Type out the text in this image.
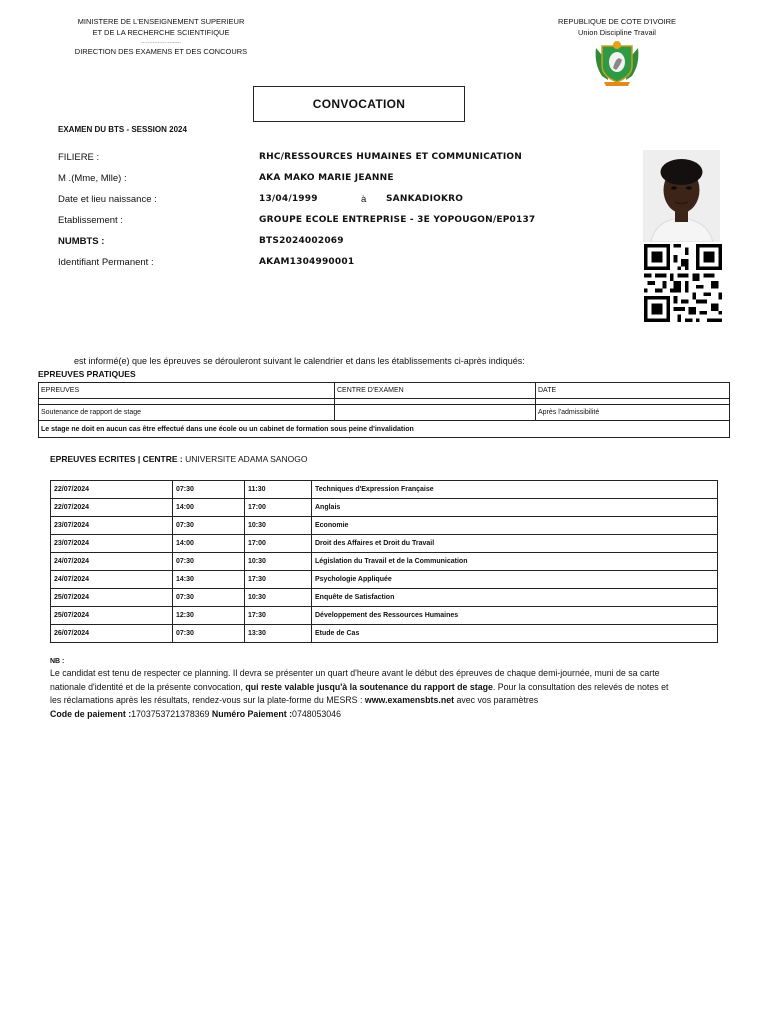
MINISTERE DE L'ENSEIGNEMENT SUPERIEUR
ET DE LA RECHERCHE SCIENTIFIQUE
……………………
DIRECTION DES EXAMENS ET DES CONCOURS
REPUBLIQUE DE COTE D'IVOIRE
Union Discipline Travail
CONVOCATION
EXAMEN DU BTS - SESSION 2024
FILIERE :	RHC/RESSOURCES HUMAINES ET COMMUNICATION
M .(Mme, Mlle) :	AKA MAKO MARIE JEANNE
Date et lieu naissance :	13/04/1999	à SANKADIOKRO
Etablissement :	GROUPE ECOLE ENTREPRISE - 3E YOPOUGON/EP0137
NUMBTS :	BTS2024002069
Identifiant Permanent :	AKAM1304990001
est informé(e) que les épreuves se dérouleront suivant le calendrier et dans les établissements ci-après indiqués:
EPREUVES PRATIQUES
EPREUVES	CENTRE D'EXAMEN	DATE

Soutenance de rapport de stage		Après l'admissibilité
Le stage ne doit en aucun cas être effectué dans une école ou un cabinet de formation sous peine d'invalidation		
EPREUVES ECRITES | CENTRE : UNIVERSITE ADAMA SANOGO
22/07/2024	07:30	11:30	Techniques d'Expression Française
22/07/2024	14:00	17:00	Anglais
23/07/2024	07:30	10:30	Economie
23/07/2024	14:00	17:00	Droit des Affaires et Droit du Travail
24/07/2024	07:30	10:30	Législation du Travail et de la Communication
24/07/2024	14:30	17:30	Psychologie Appliquée
25/07/2024	07:30	10:30	Enquête de Satisfaction
25/07/2024	12:30	17:30	Développement des Ressources Humaines
26/07/2024	07:30	13:30	Etude de Cas
NB :
Le candidat est tenu de respecter ce planning. Il devra se présenter un quart d'heure avant le début des épreuves de chaque demi-journée, muni de sa carte nationale d'identité et de la présente convocation, qui reste valable jusqu'à la soutenance du rapport de stage. Pour la consultation des relevés de notes et les réclamations après les résultats, rendez-vous sur la plate-forme du MESRS : www.examensbts.net avec vos paramètres
Code de paiement :1703753721378369 Numéro Paiement :0748053046
